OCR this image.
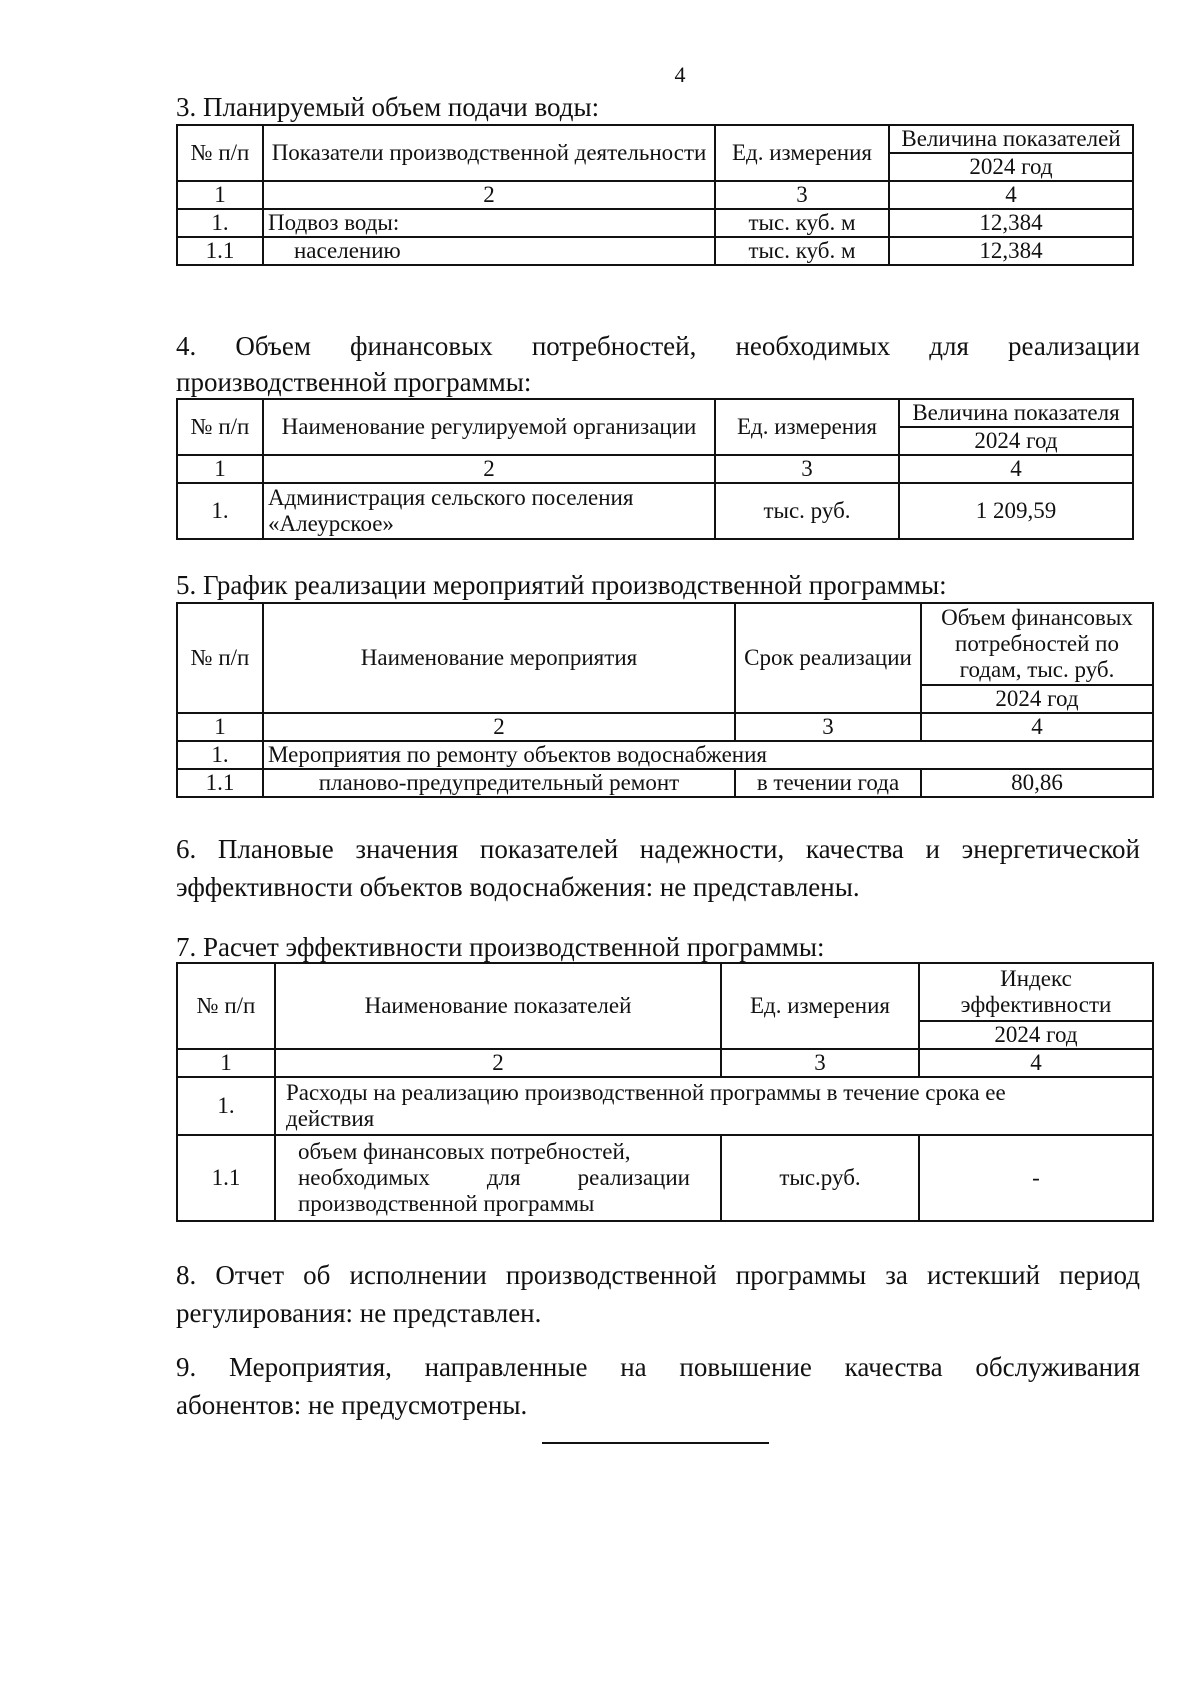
4
3. Планируемый объем подачи воды:
№ п/п	Показатели производственной деятельности	Ед. измерения	Величина показателей
			2024 год
1	2	3	4
1.	Подвоз воды:	тыс. куб. м	12,384
1.1	населению	тыс. куб. м	12,384
4. Объем финансовых потребностей, необходимых для реализации
производственной программы:
№ п/п	Наименование регулируемой организации	Ед. измерения	Величина показателя
			2024 год
1	2	3	4
1.	Администрация сельского поселения «Алеурское»	тыс. руб.	1 209,59
5. График реализации мероприятий производственной программы:
№ п/п	Наименование мероприятия	Срок реализации	Объем финансовых потребностей по годам, тыс. руб.
			2024 год
1	2	3	4
1.	Мероприятия по ремонту объектов водоснабжения		
1.1	планово-предупредительный ремонт	в течении года	80,86
6. Плановые значения показателей надежности, качества и энергетической
эффективности объектов водоснабжения: не представлены.
7. Расчет эффективности производственной программы:
№ п/п	Наименование показателей	Ед. измерения	Индекс эффективности
			2024 год
1	2	3	4
1.	Расходы на реализацию производственной программы в течение срока ее действия		
1.1	объем финансовых потребностей,
необходимых для реализации
производственной программы	тыс.руб.	-
8. Отчет об исполнении производственной программы за истекший период
регулирования: не представлен.
9. Мероприятия, направленные на повышение качества обслуживания
абонентов: не предусмотрены.
